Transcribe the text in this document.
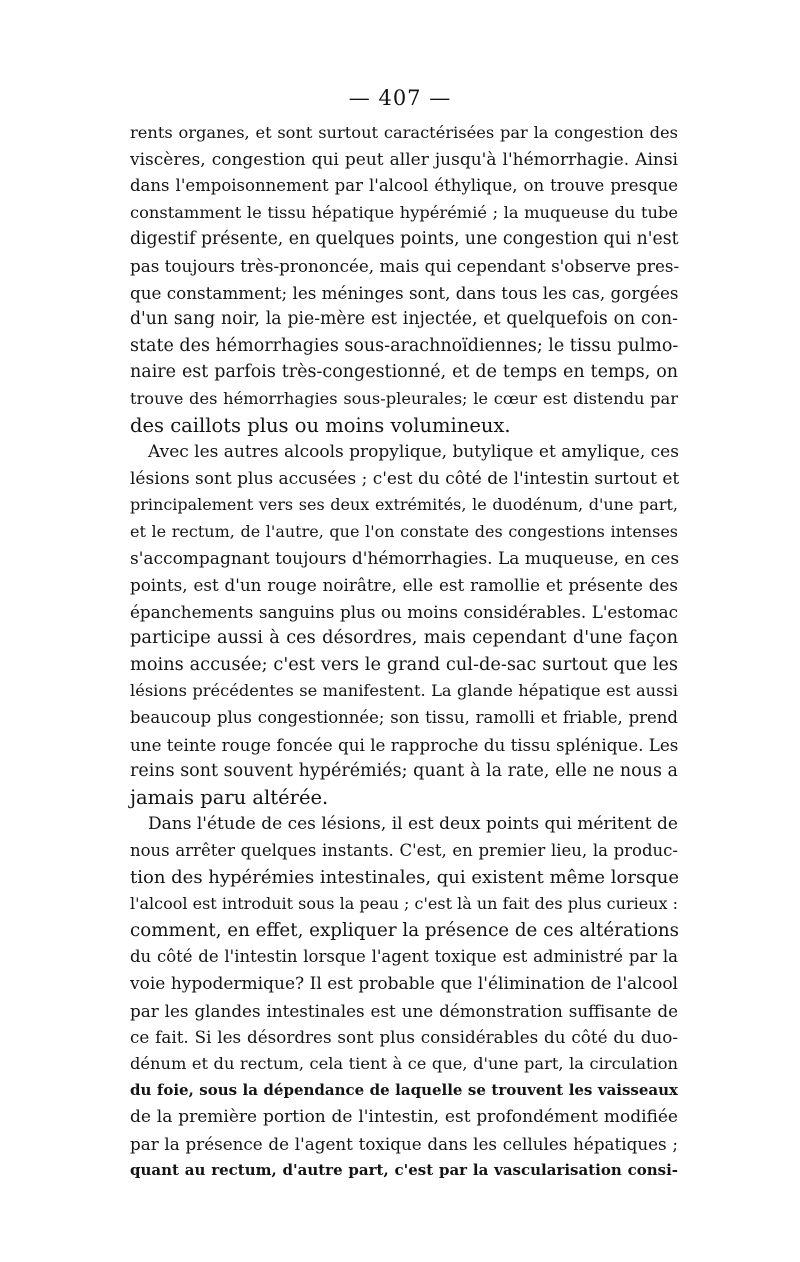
— 407 —
rents organes, et sont surtout caractérisées par la congestion des
viscères, congestion qui peut aller jusqu'à l'hémorrhagie. Ainsi
dans l'empoisonnement par l'alcool éthylique, on trouve presque
constamment le tissu hépatique hypérémié ; la muqueuse du tube
digestif présente, en quelques points, une congestion qui n'est
pas toujours très-prononcée, mais qui cependant s'observe pres-
que constamment; les méninges sont, dans tous les cas, gorgées
d'un sang noir, la pie-mère est injectée, et quelquefois on con-
state des hémorrhagies sous-arachnoïdiennes; le tissu pulmo-
naire est parfois très-congestionné, et de temps en temps, on
trouve des hémorrhagies sous-pleurales; le cœur est distendu par
des caillots plus ou moins volumineux.
Avec les autres alcools propylique, butylique et amylique, ces
lésions sont plus accusées ; c'est du côté de l'intestin surtout et
principalement vers ses deux extrémités, le duodénum, d'une part,
et le rectum, de l'autre, que l'on constate des congestions intenses
s'accompagnant toujours d'hémorrhagies. La muqueuse, en ces
points, est d'un rouge noirâtre, elle est ramollie et présente des
épanchements sanguins plus ou moins considérables. L'estomac
participe aussi à ces désordres, mais cependant d'une façon
moins accusée; c'est vers le grand cul-de-sac surtout que les
lésions précédentes se manifestent. La glande hépatique est aussi
beaucoup plus congestionnée; son tissu, ramolli et friable, prend
une teinte rouge foncée qui le rapproche du tissu splénique. Les
reins sont souvent hypérémiés; quant à la rate, elle ne nous a
jamais paru altérée.
Dans l'étude de ces lésions, il est deux points qui méritent de
nous arrêter quelques instants. C'est, en premier lieu, la produc-
tion des hypérémies intestinales, qui existent même lorsque
l'alcool est introduit sous la peau ; c'est là un fait des plus curieux :
comment, en effet, expliquer la présence de ces altérations
du côté de l'intestin lorsque l'agent toxique est administré par la
voie hypodermique? Il est probable que l'élimination de l'alcool
par les glandes intestinales est une démonstration suffisante de
ce fait. Si les désordres sont plus considérables du côté du duo-
dénum et du rectum, cela tient à ce que, d'une part, la circulation
du foie, sous la dépendance de laquelle se trouvent les vaisseaux
de la première portion de l'intestin, est profondément modifiée
par la présence de l'agent toxique dans les cellules hépatiques ;
quant au rectum, d'autre part, c'est par la vascularisation consi-
